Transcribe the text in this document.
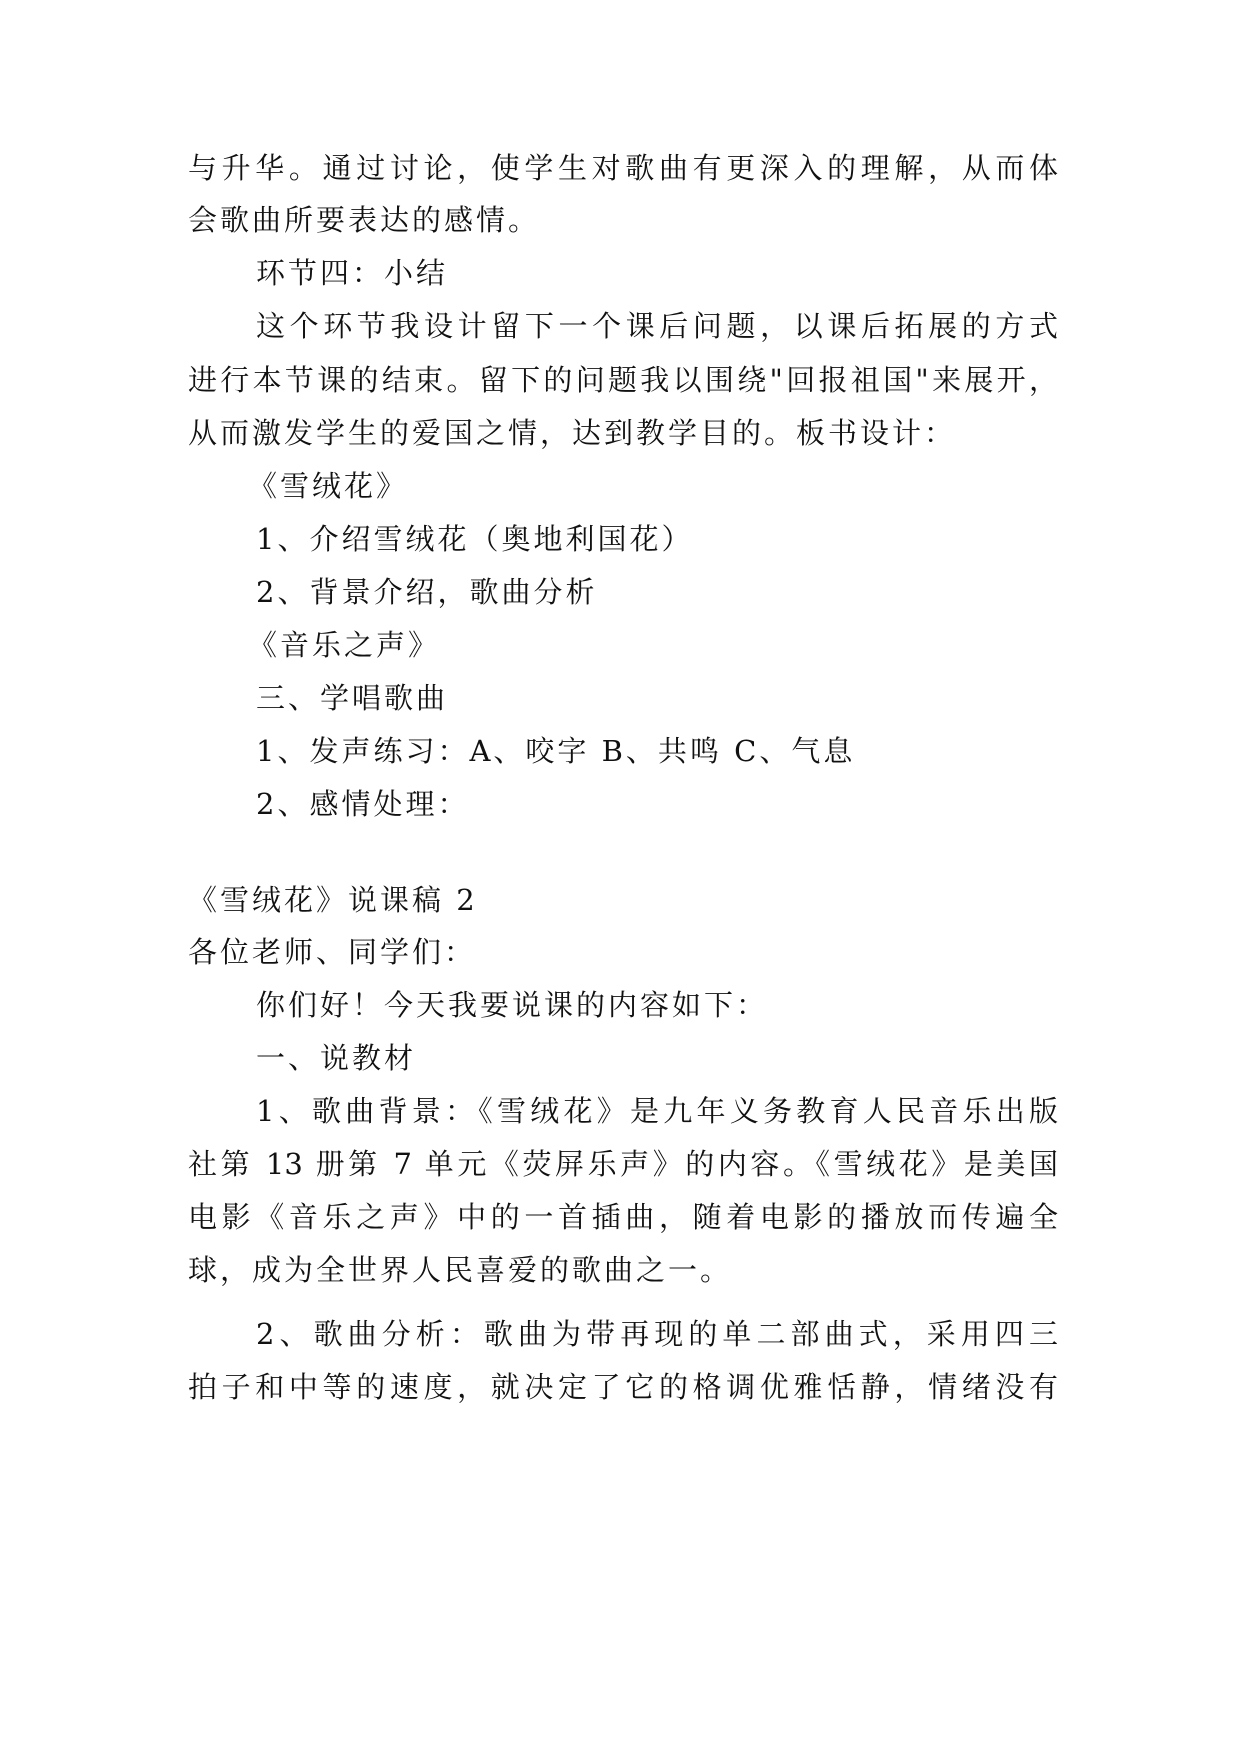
与升华。通过讨论，使学生对歌曲有更深入的理解，从而体
会歌曲所要表达的感情。
环节四：小结
这个环节我设计留下一个课后问题，以课后拓展的方式
进行本节课的结束。留下的问题我以围绕"回报祖国"来展开，
从而激发学生的爱国之情，达到教学目的。板书设计：
《雪绒花》
1、介绍雪绒花（奥地利国花）
2、背景介绍，歌曲分析
《音乐之声》
三、学唱歌曲
1、发声练习：A、咬字 B、共鸣 C、气息
2、感情处理：
《雪绒花》说课稿 2
各位老师、同学们：
你们好！今天我要说课的内容如下：
一、说教材
1、歌曲背景：《雪绒花》是九年义务教育人民音乐出版
社第 13 册第 7 单元《荧屏乐声》的内容。《雪绒花》是美国
电影《音乐之声》中的一首插曲，随着电影的播放而传遍全
球，成为全世界人民喜爱的歌曲之一。
2、歌曲分析：歌曲为带再现的单二部曲式，采用四三
拍子和中等的速度，就决定了它的格调优雅恬静，情绪没有
